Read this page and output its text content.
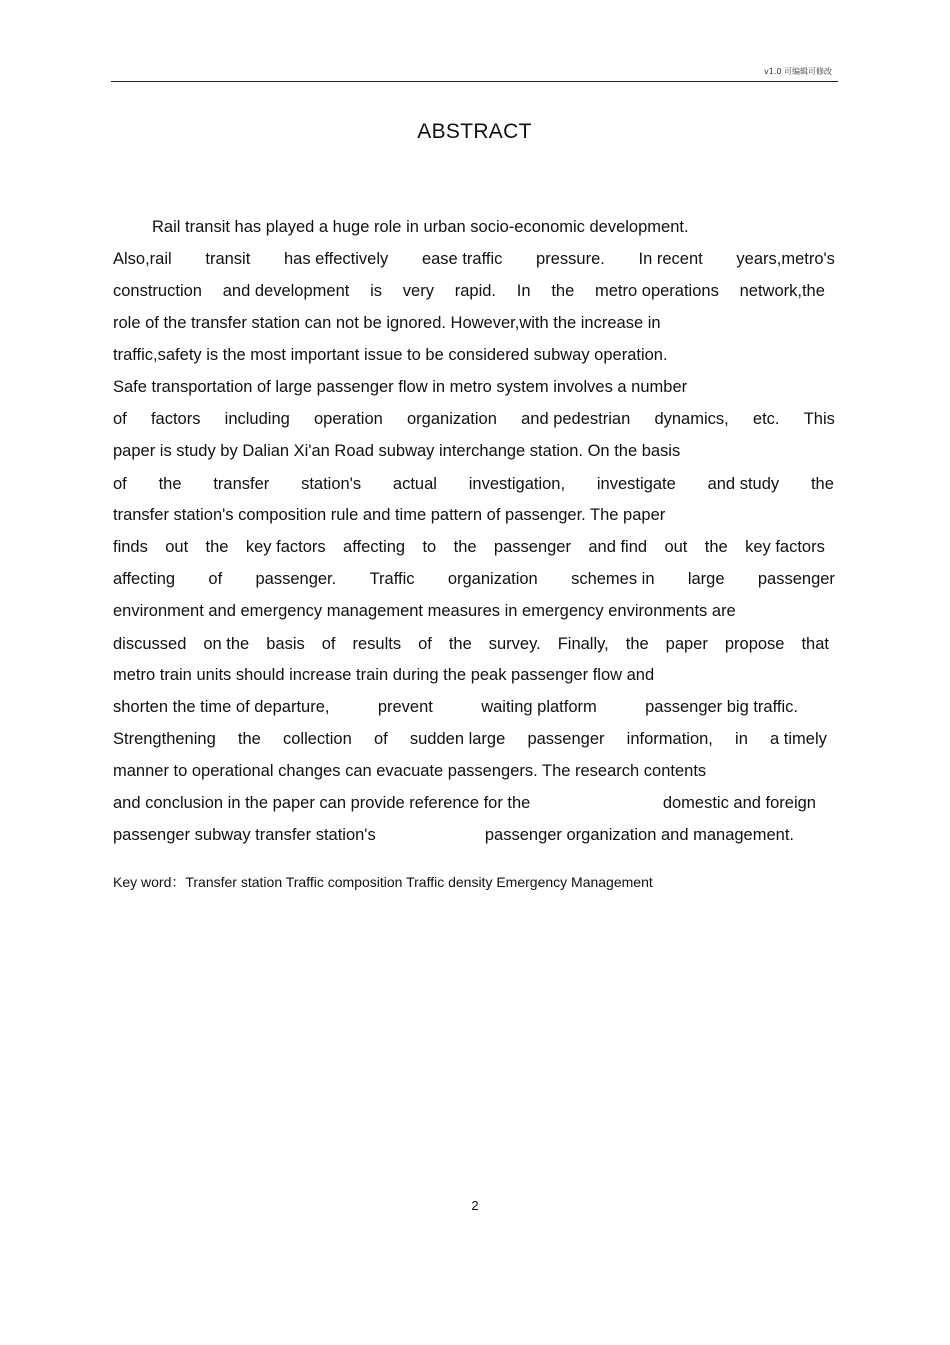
v1.0 可编辑可修改
ABSTRACT
Rail transit has played a huge role in urban socio-economic development.
Also,rail transit has effectively ease traffic pressure. In recent years,metro's
construction and development is very rapid. In the metro operations network,the
role of the transfer station can not be ignored. However,with the increase in
traffic,safety is the most important issue to be considered subway operation.
Safe transportation of large passenger flow in metro system involves a number
of factors including operation organization and pedestrian dynamics, etc. This
paper is study by Dalian Xi'an Road subway interchange station. On the basis
of the transfer station's actual investigation, investigate and study the
transfer station's composition rule and time pattern of passenger. The paper
finds out the key factors affecting to the passenger and find out the key factors
affecting of passenger. Traffic organization schemes in large passenger
environment and emergency management measures in emergency environments are
discussed on the basis of results of the survey. Finally, the paper propose that
metro train units should increase train during the peak passenger flow and
shorten the time of departure,	prevent	waiting platform	passenger big traffic.
Strengthening the collection of sudden large passenger information, in a timely
manner to operational changes can evacuate passengers. The research contents
and conclusion in the paper can provide reference for the	domestic and foreign
passenger subway transfer station's	passenger organization and management.
Key word：Transfer station Traffic composition Traffic density Emergency Management
2
